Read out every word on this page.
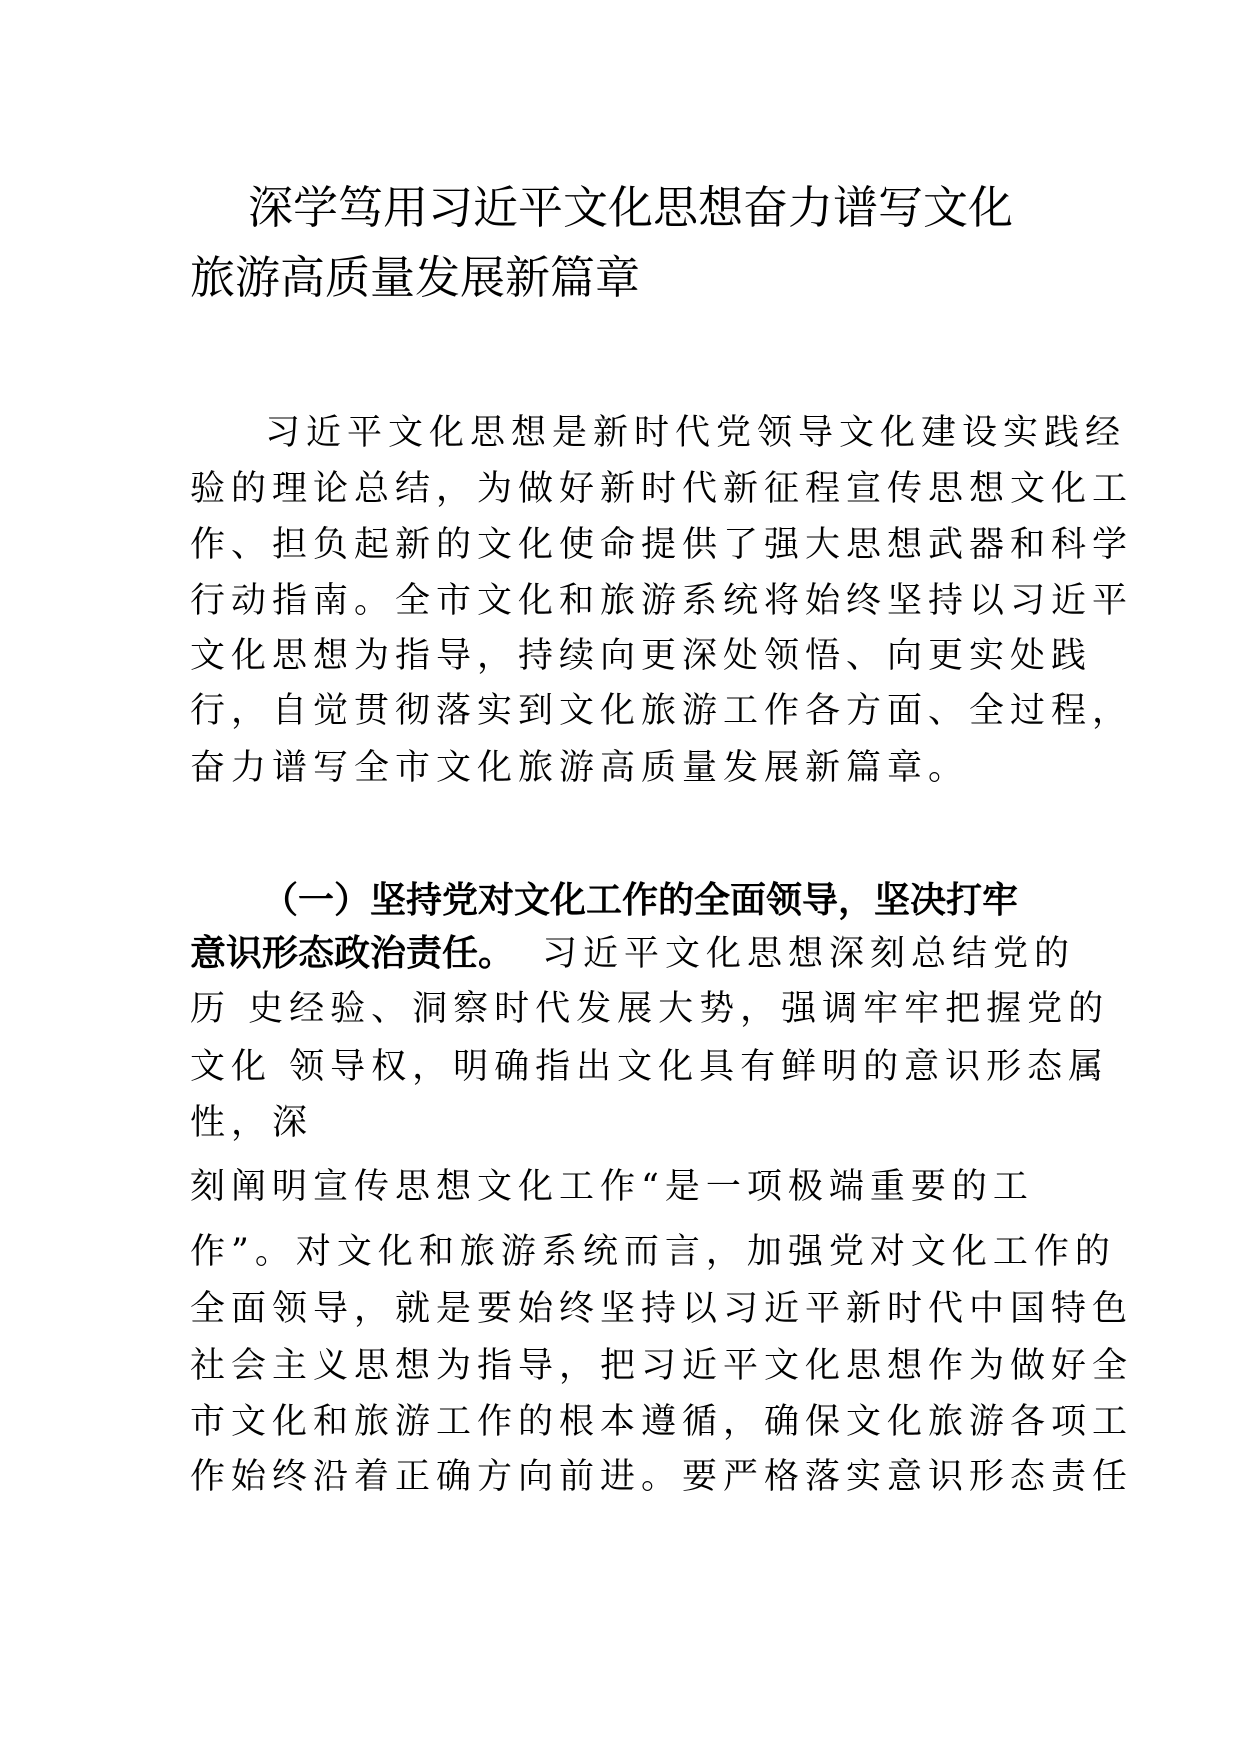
深学笃用习近平文化思想奋力谱写文化
旅游高质量发展新篇章

习近平文化思想是新时代党领导文化建设实践经

验的理论总结，为做好新时代新征程宣传思想文化工

作、担负起新的文化使命提供了强大思想武器和科学

行动指南。全市文化和旅游系统将始终坚持以习近平

文化思想为指导，持续向更深处领悟、向更实处践

行，自觉贯彻落实到文化旅游工作各方面、全过程，

奋力谱写全市文化旅游高质量发展新篇章。

（一）坚持党对文化工作的全面领导，坚决打牢

意识形态政治责任。 习近平文化思想深刻总结党的

历 史经验、洞察时代发展大势，强调牢牢把握党的

文化 领导权，明确指出文化具有鲜明的意识形态属

性，深

刻阐明宣传思想文化工作“是一项极端重要的工

作”。对文化和旅游系统而言，加强党对文化工作的

全面领导，就是要始终坚持以习近平新时代中国特色

社会主义思想为指导，把习近平文化思想作为做好全

市文化和旅游工作的根本遵循，确保文化旅游各项工

作始终沿着正确方向前进。要严格落实意识形态责任
